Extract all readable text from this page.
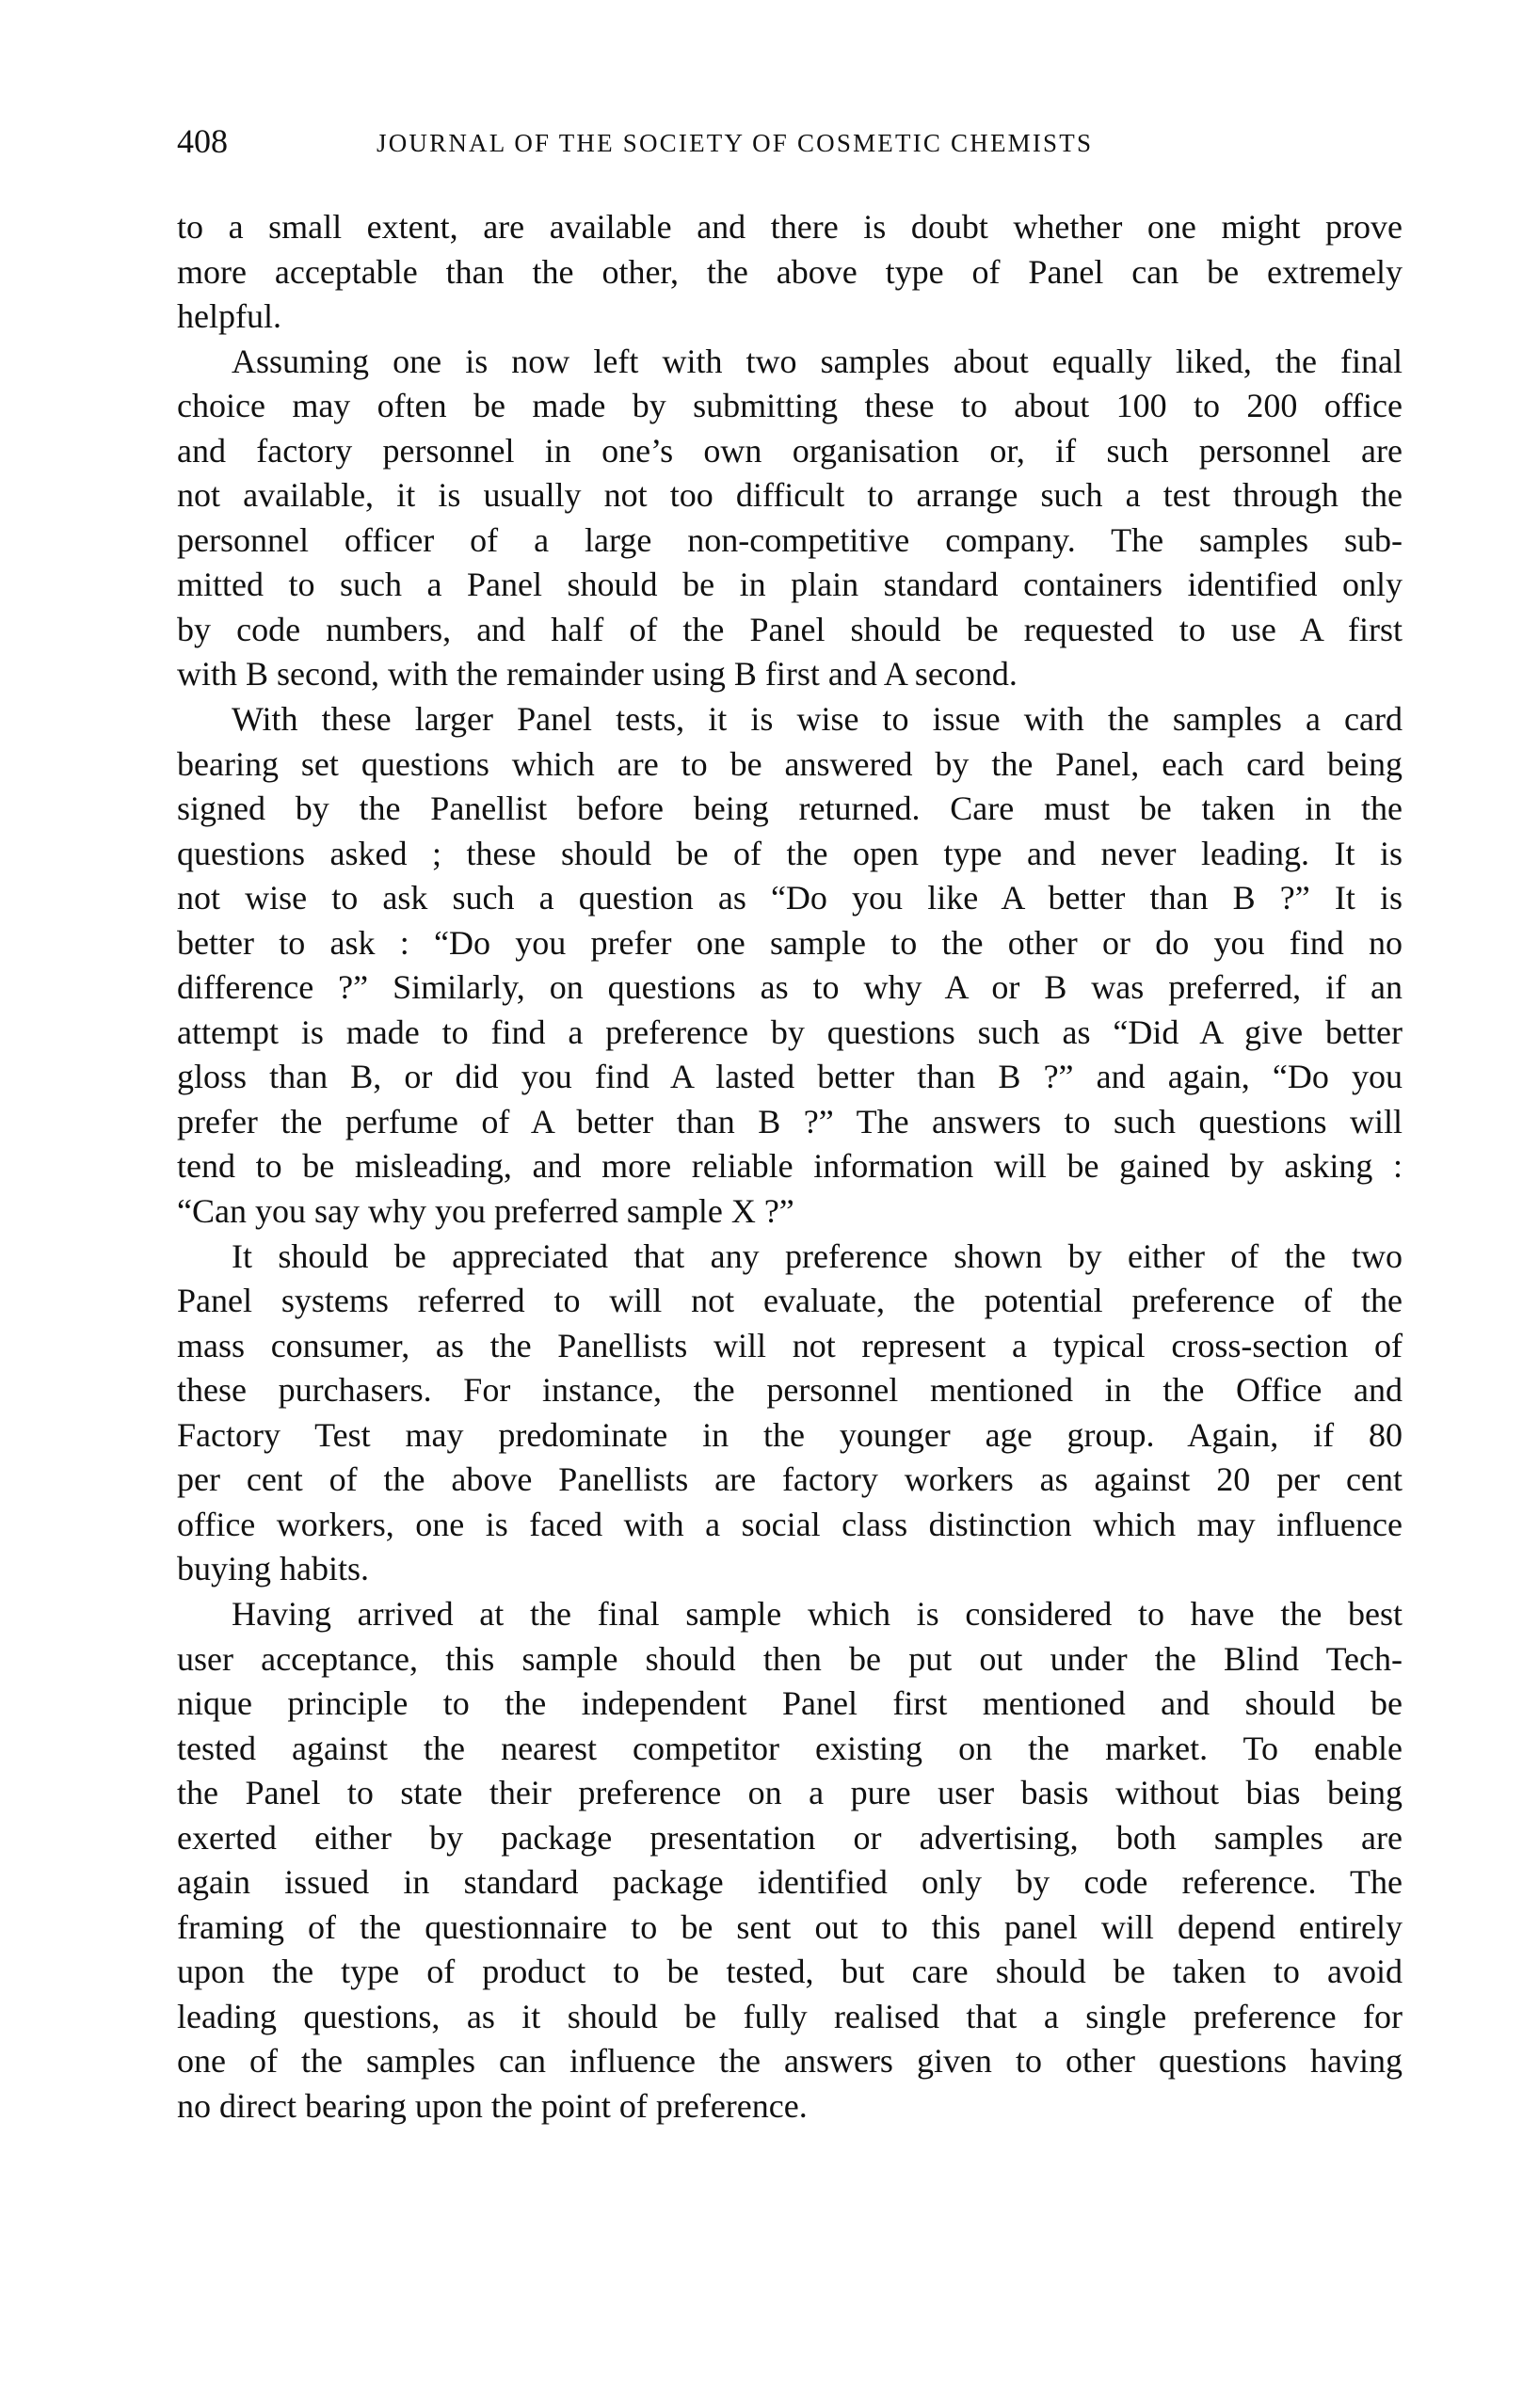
408	JOURNAL OF THE SOCIETY OF COSMETIC CHEMISTS
to a small extent, are available and there is doubt whether one might prove
more acceptable than the other, the above type of Panel can be extremely
helpful.
Assuming one is now left with two samples about equally liked, the final
choice may often be made by submitting these to about 100 to 200 office
and factory personnel in one’s own organisation or, if such personnel are
not available, it is usually not too difficult to arrange such a test through the
personnel officer of a large non-competitive company. The samples sub-
mitted to such a Panel should be in plain standard containers identified only
by code numbers, and half of the Panel should be requested to use A first
with B second, with the remainder using B first and A second.
With these larger Panel tests, it is wise to issue with the samples a card
bearing set questions which are to be answered by the Panel, each card being
signed by the Panellist before being returned. Care must be taken in the
questions asked ; these should be of the open type and never leading. It is
not wise to ask such a question as “Do you like A better than B ?” It is
better to ask : “Do you prefer one sample to the other or do you find no
difference ?” Similarly, on questions as to why A or B was preferred, if an
attempt is made to find a preference by questions such as “Did A give better
gloss than B, or did you find A lasted better than B ?” and again, “Do you
prefer the perfume of A better than B ?” The answers to such questions will
tend to be misleading, and more reliable information will be gained by asking :
“Can you say why you preferred sample X ?”
It should be appreciated that any preference shown by either of the two
Panel systems referred to will not evaluate, the potential preference of the
mass consumer, as the Panellists will not represent a typical cross-section of
these purchasers. For instance, the personnel mentioned in the Office and
Factory Test may predominate in the younger age group. Again, if 80
per cent of the above Panellists are factory workers as against 20 per cent
office workers, one is faced with a social class distinction which may influence
buying habits.
Having arrived at the final sample which is considered to have the best
user acceptance, this sample should then be put out under the Blind Tech-
nique principle to the independent Panel first mentioned and should be
tested against the nearest competitor existing on the market. To enable
the Panel to state their preference on a pure user basis without bias being
exerted either by package presentation or advertising, both samples are
again issued in standard package identified only by code reference. The
framing of the questionnaire to be sent out to this panel will depend entirely
upon the type of product to be tested, but care should be taken to avoid
leading questions, as it should be fully realised that a single preference for
one of the samples can influence the answers given to other questions having
no direct bearing upon the point of preference.
